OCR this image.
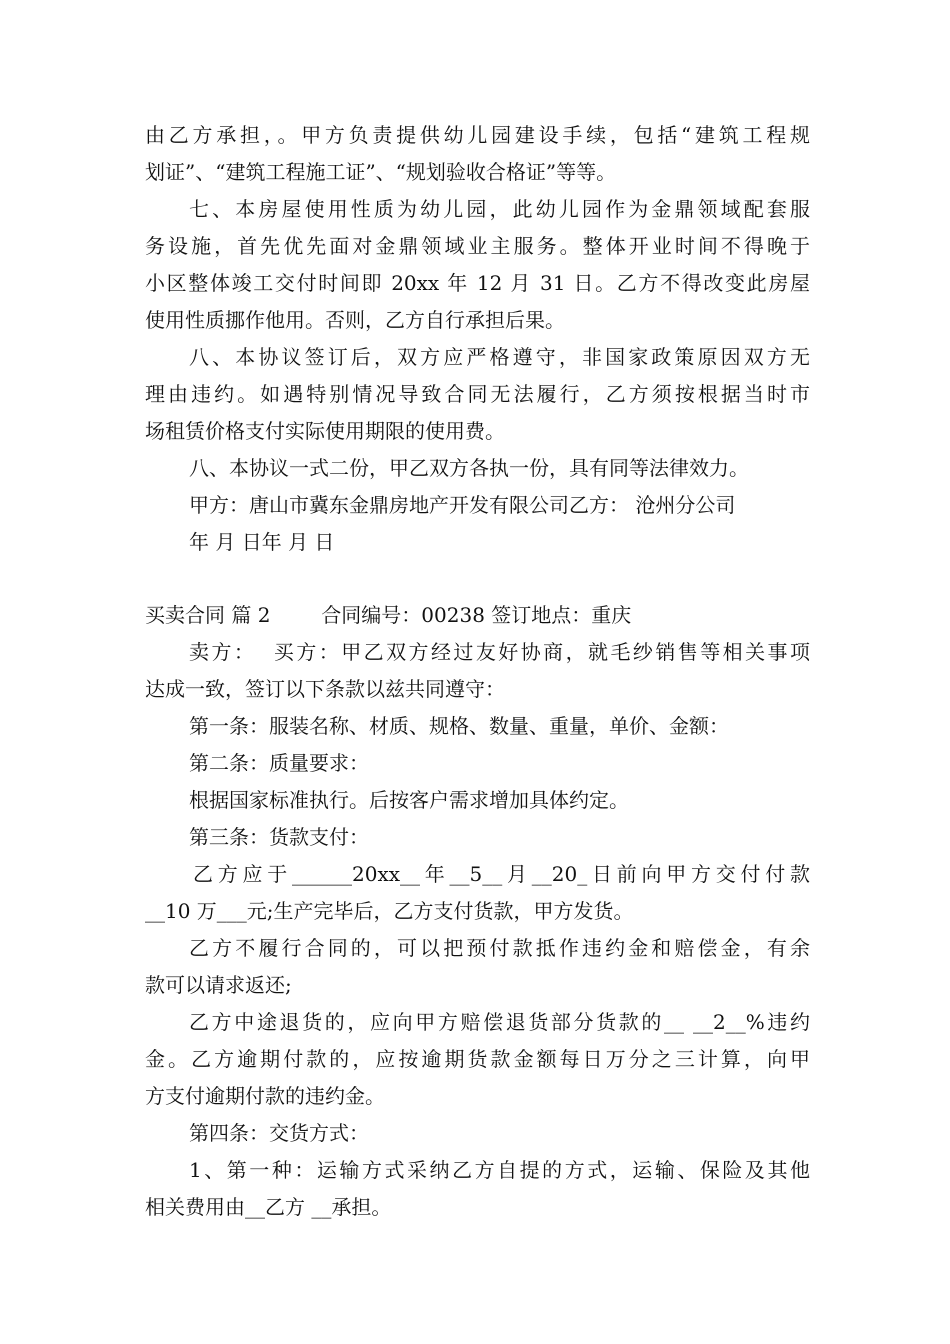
由乙方承担，。甲方负责提供幼儿园建设手续，包括“建筑工程规
划证”、“建筑工程施工证”、“规划验收合格证”等等。
七、本房屋使用性质为幼儿园，此幼儿园作为金鼎领域配套服
务设施，首先优先面对金鼎领域业主服务。整体开业时间不得晚于
小区整体竣工交付时间即 20xx 年 12 月 31 日。乙方不得改变此房屋
使用性质挪作他用。否则，乙方自行承担后果。
八、本协议签订后，双方应严格遵守，非国家政策原因双方无
理由违约。如遇特别情况导致合同无法履行，乙方须按根据当时市
场租赁价格支付实际使用期限的使用费。
八、本协议一式二份，甲乙双方各执一份，具有同等法律效力。
甲方：唐山市冀东金鼎房地产开发有限公司乙方： 沧州分公司
年 月 日年 月 日
买卖合同 篇 2        合同编号：00238 签订地点：重庆
卖方：  买方：甲乙双方经过友好协商，就毛纱销售等相关事项
达成一致，签订以下条款以兹共同遵守：
第一条：服装名称、材质、规格、数量、重量，单价、金额：
第二条：质量要求：
根据国家标准执行。后按客户需求增加具体约定。
第三条：货款支付：
乙方应于______20xx__年__5__月__20_日前向甲方交付付款
__10 万___元;生产完毕后，乙方支付货款，甲方发货。
乙方不履行合同的，可以把预付款抵作违约金和赔偿金，有余
款可以请求返还;
乙方中途退货的，应向甲方赔偿退货部分货款的__ __2__%违约
金。乙方逾期付款的，应按逾期货款金额每日万分之三计算，向甲
方支付逾期付款的违约金。
第四条：交货方式：
1、第一种：运输方式采纳乙方自提的方式，运输、保险及其他
相关费用由__乙方 __承担。
